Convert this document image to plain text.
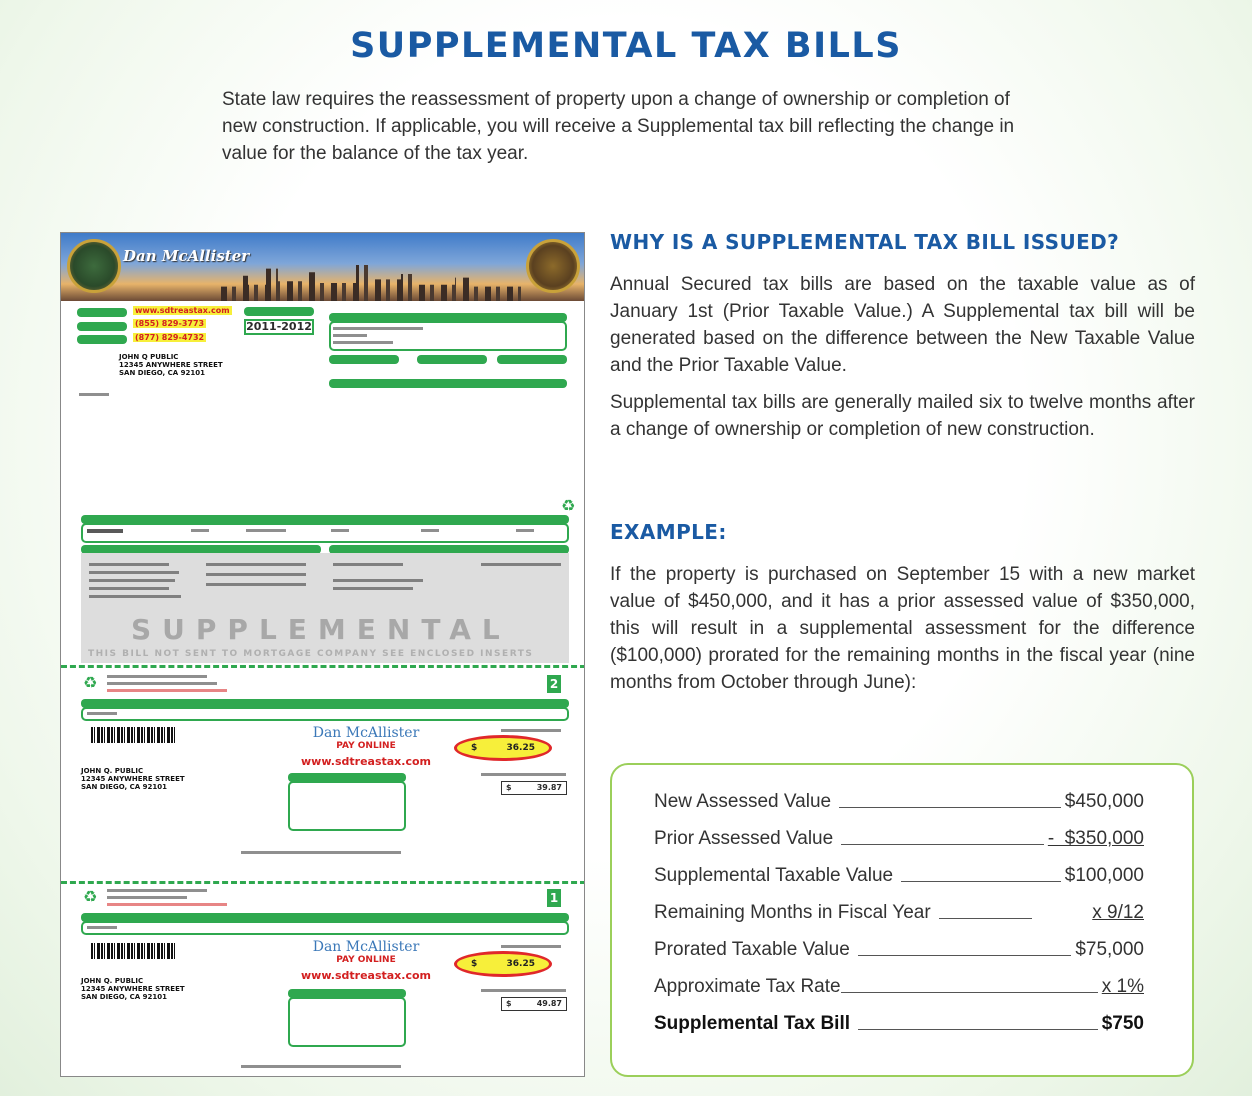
SUPPLEMENTAL TAX BILLS
State law requires the reassessment of property upon a change of ownership or completion of new construction. If applicable, you will receive a Supplemental tax bill reflecting the change in value for the balance of the tax year.
Dan McAllister
www.sdtreastax.com
(855) 829-3773
(877) 829-4732
2011-2012
JOHN Q PUBLIC
12345 ANYWHERE STREET
SAN DIEGO, CA 92101
♻
SUPPLEMENTAL
THIS BILL NOT SENT TO MORTGAGE COMPANY SEE ENCLOSED INSERTS
♻	2
Dan McAllister
PAY ONLINE
www.sdtreastax.com
$	36.25
JOHN Q. PUBLIC
12345 ANYWHERE STREET
SAN DIEGO, CA 92101	$	39.87
♻	1
Dan McAllister
PAY ONLINE
www.sdtreastax.com
$	36.25
JOHN Q. PUBLIC
12345 ANYWHERE STREET
SAN DIEGO, CA 92101
$	49.87
WHY IS A SUPPLEMENTAL TAX BILL ISSUED?
Annual Secured tax bills are based on the taxable value as of January 1st (Prior Taxable Value.) A Supplemental tax bill will be generated based on the difference between the New Taxable Value and the Prior Taxable Value.
Supplemental tax bills are generally mailed six to twelve months after a change of ownership or completion of new construction.
EXAMPLE:
If the property is purchased on September 15 with a new market value of $450,000, and it has a prior assessed value of $350,000, this will result in a supplemental assessment for the difference ($100,000) prorated for the remaining months in the fiscal year (nine months from October through June):
New Assessed Value	$450,000
Prior Assessed Value	-  $350,000
Supplemental Taxable Value	$100,000
Remaining Months in Fiscal Year	x 9/12
Prorated Taxable Value	$75,000
Approximate Tax Rate	x 1%
Supplemental Tax Bill	$750
